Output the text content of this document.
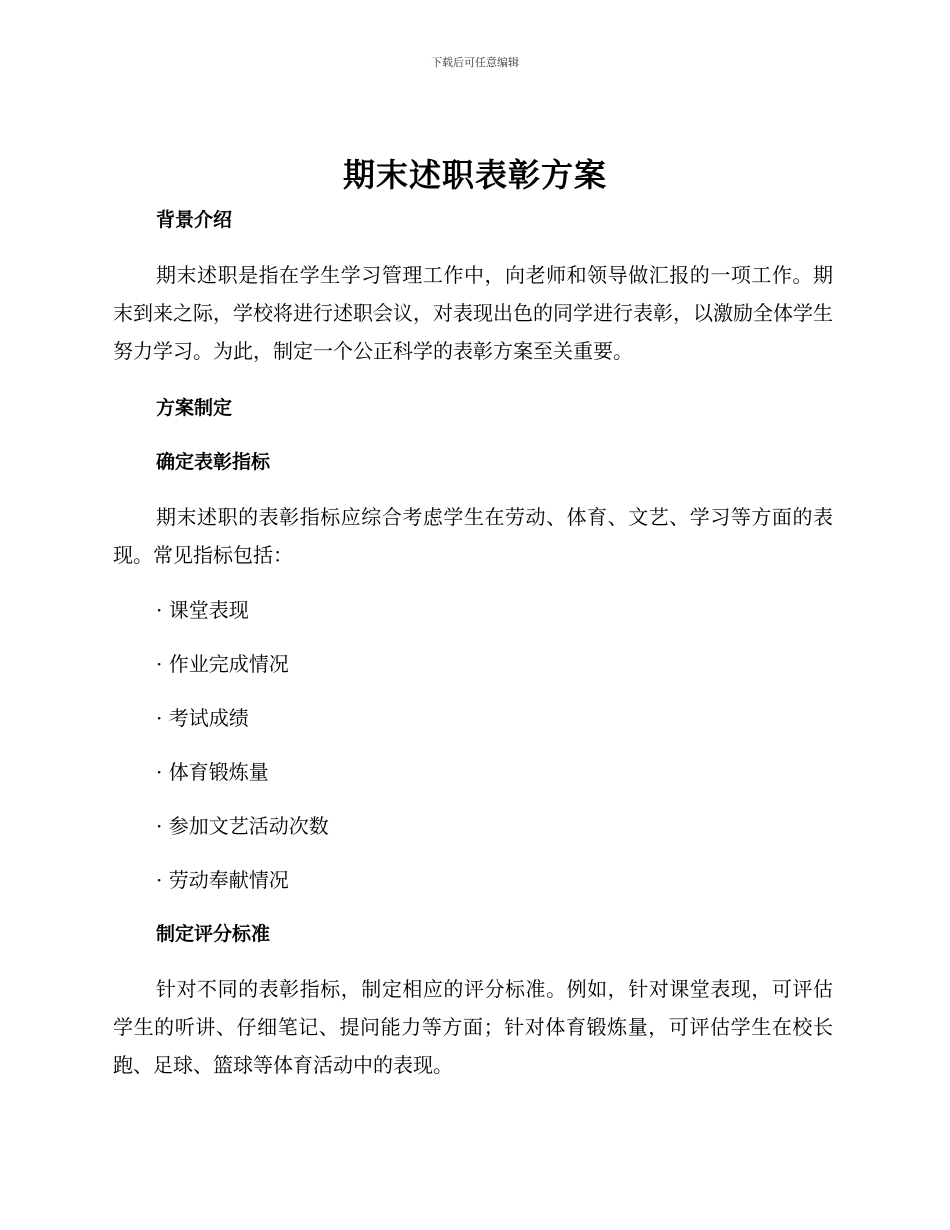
下载后可任意编辑
期末述职表彰方案
背景介绍

期末述职是指在学生学习管理工作中，向老师和领导做汇报的一项工作。期末到来之际，学校将进行述职会议，对表现出色的同学进行表彰，以激励全体学生努力学习。为此，制定一个公正科学的表彰方案至关重要。

方案制定
确定表彰指标

期末述职的表彰指标应综合考虑学生在劳动、体育、文艺、学习等方面的表现。常见指标包括：

· 课堂表现
· 作业完成情况
· 考试成绩
· 体育锻炼量
· 参加文艺活动次数
· 劳动奉献情况
制定评分标准

针对不同的表彰指标，制定相应的评分标准。例如，针对课堂表现，可评估学生的听讲、仔细笔记、提问能力等方面；针对体育锻炼量，可评估学生在校长跑、足球、篮球等体育活动中的表现。
